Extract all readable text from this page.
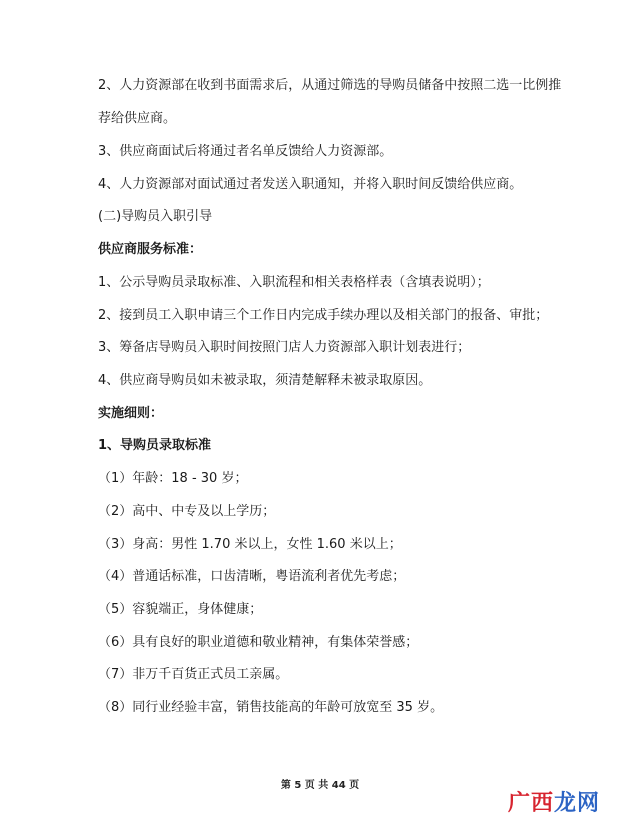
2、人力资源部在收到书面需求后，从通过筛选的导购员储备中按照二选一比例推
荐给供应商。
3、供应商面试后将通过者名单反馈给人力资源部。
4、人力资源部对面试通过者发送入职通知，并将入职时间反馈给供应商。
(二)导购员入职引导
供应商服务标准：
1、公示导购员录取标准、入职流程和相关表格样表（含填表说明）；
2、接到员工入职申请三个工作日内完成手续办理以及相关部门的报备、审批；
3、筹备店导购员入职时间按照门店人力资源部入职计划表进行；
4、供应商导购员如未被录取，须清楚解释未被录取原因。
实施细则：
1、导购员录取标准
（1）年龄：18 - 30 岁；
（2）高中、中专及以上学历；
（3）身高：男性 1.70 米以上，女性 1.60 米以上；
（4）普通话标准，口齿清晰，粤语流利者优先考虑；
（5）容貌端正，身体健康；
（6）具有良好的职业道德和敬业精神，有集体荣誉感；
（7）非万千百货正式员工亲属。
（8）同行业经验丰富，销售技能高的年龄可放宽至 35 岁。
第 5 页 共 44 页
广西龙网
